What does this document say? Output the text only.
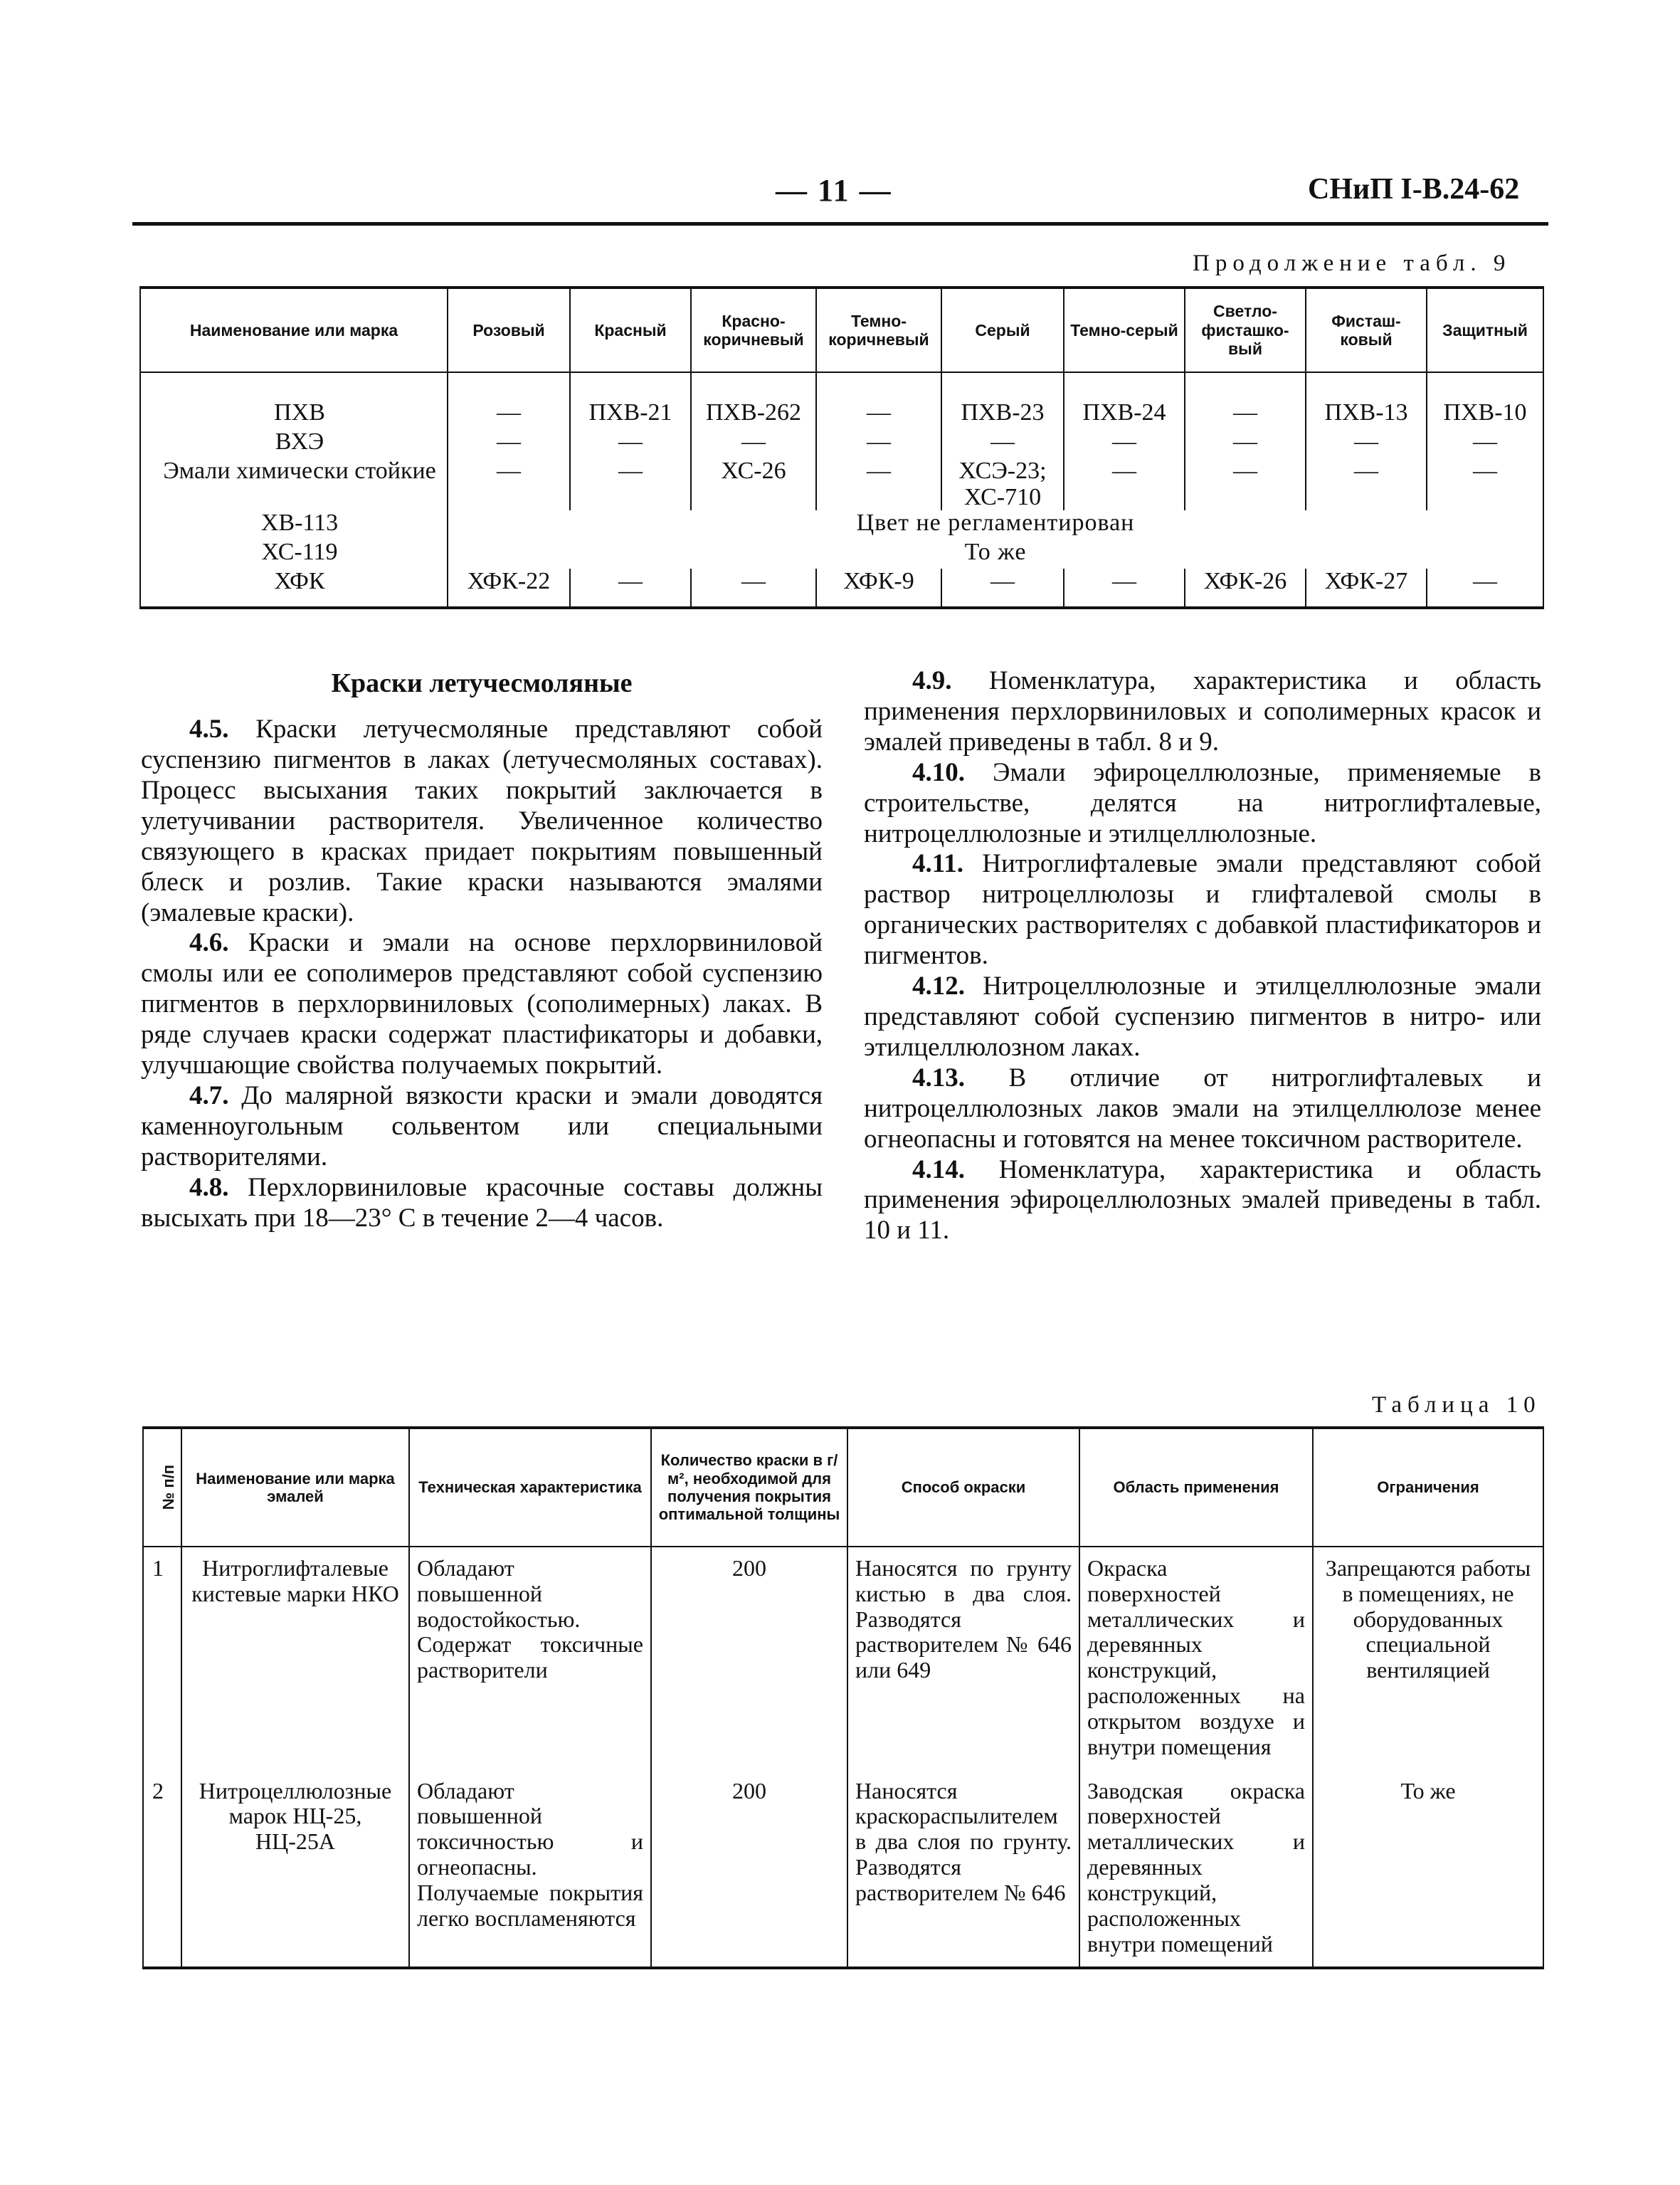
— 11 —	СНиП I-В.24-62
Продолжение табл. 9
Наименование или марка	Розовый	Красный	Красно-коричневый	Темно-коричневый	Серый	Темно-серый	Светло-фисташко-вый	Фисташ-ковый	Защитный
ПХВ	—	ПХВ-21	ПХВ-262	—	ПХВ-23	ПХВ-24	—	ПХВ-13	ПХВ-10
ВХЭ	—	—	—	—	—	—	—	—	—
Эмали химически стойкие	—	—	ХС-26	—	ХСЭ-23; ХС-710	—	—	—	—
ХВ-113	Цвет не регламентирован								
ХС-119	То же								
ХФК	ХФК-22	—	—	ХФК-9	—	—	ХФК-26	ХФК-27	—

Краски летучесмоляные

4.5. Краски летучесмоляные представляют собой суспензию пигментов в лаках (летучесмоляных составах). Процесс высыхания таких покрытий заключается в улетучивании растворителя. Увеличенное количество связующего в красках придает покрытиям повышенный блеск и розлив. Такие краски называются эмалями (эмалевые краски).

4.6. Краски и эмали на основе перхлорвиниловой смолы или ее сополимеров представляют собой суспензию пигментов в перхлорвиниловых (сополимерных) лаках. В ряде случаев краски содержат пластификаторы и добавки, улучшающие свойства получаемых покрытий.

4.7. До малярной вязкости краски и эмали доводятся каменноугольным сольвентом или специальными растворителями.

4.8. Перхлорвиниловые красочные составы должны высыхать при 18—23° С в течение 2—4 часов.

4.9. Номенклатура, характеристика и область применения перхлорвиниловых и сополимерных красок и эмалей приведены в табл. 8 и 9.

4.10. Эмали эфироцеллюлозные, применяемые в строительстве, делятся на нитроглифталевые, нитроцеллюлозные и этилцеллюлозные.

4.11. Нитроглифталевые эмали представляют собой раствор нитроцеллюлозы и глифталевой смолы в органических растворителях с добавкой пластификаторов и пигментов.

4.12. Нитроцеллюлозные и этилцеллюлозные эмали представляют собой суспензию пигментов в нитро- или этилцеллюлозном лаках.

4.13. В отличие от нитроглифталевых и нитроцеллюлозных лаков эмали на этилцеллюлозе менее огнеопасны и готовятся на менее токсичном растворителе.

4.14. Номенклатура, характеристика и область применения эфироцеллюлозных эмалей приведены в табл. 10 и 11.

Таблица 10
№ п/п	Наименование или марка эмалей	Техническая характеристика	Количество краски в г/м², необходимой для получения покрытия оптимальной толщины	Способ окраски	Область применения	Ограничения
1	Нитроглифталевые кистевые марки НКО	Обладают повышенной водостойкостью. Содержат токсичные растворители	200	Наносятся по грунту кистью в два слоя. Разводятся растворителем № 646 или 649	Окраска поверхностей металлических и деревянных конструкций, расположенных на открытом воздухе и внутри помещения	Запрещаются работы в помещениях, не оборудованных специальной вентиляцией
2	Нитроцеллюлозные марок НЦ-25, НЦ-25А	Обладают повышенной токсичностью и огнеопасны. Получаемые покрытия легко воспламеняются	200	Наносятся краскораспылителем в два слоя по грунту. Разводятся растворителем № 646	Заводская окраска поверхностей металлических и деревянных конструкций, расположенных внутри помещений	То же
